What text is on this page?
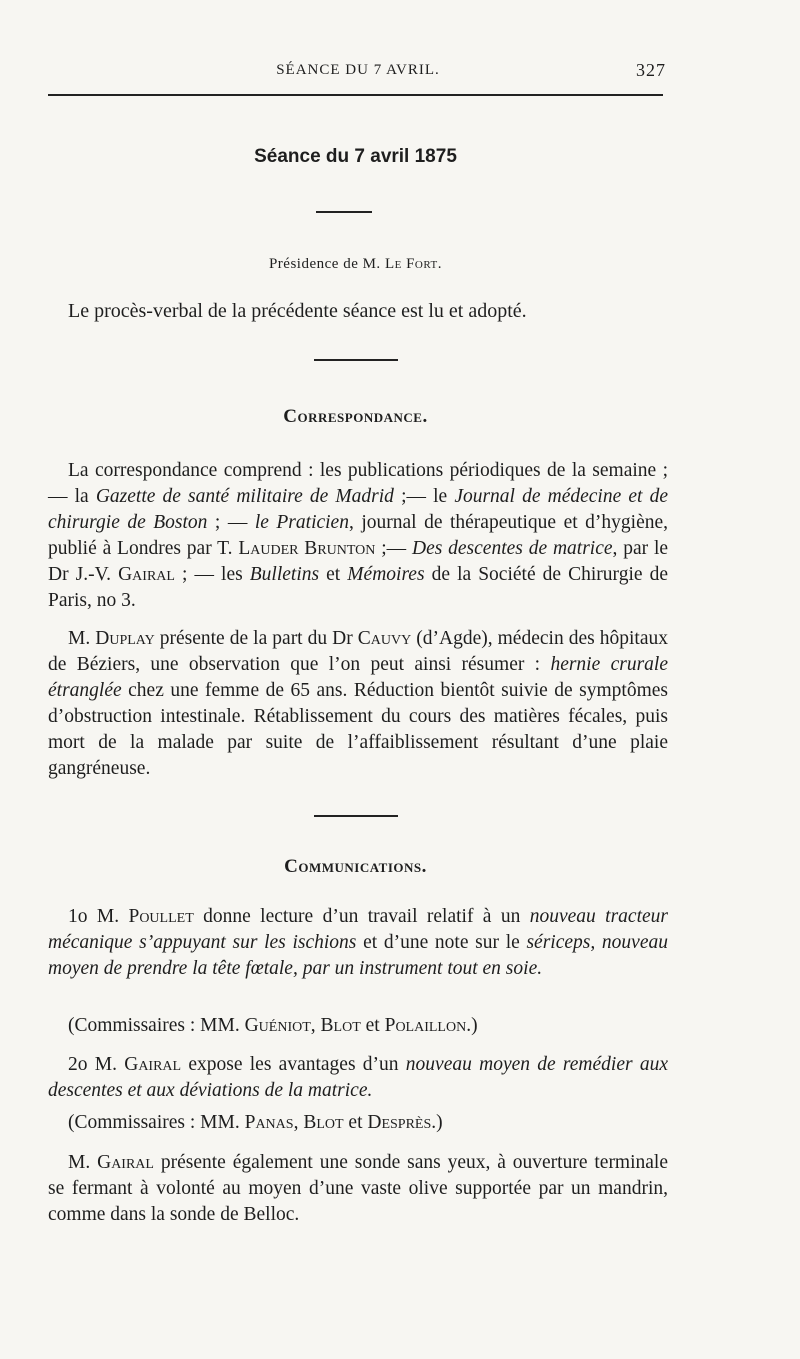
SÉANCE DU 7 AVRIL.	327
Séance du 7 avril 1875
Présidence de M. Le Fort.
Le procès-verbal de la précédente séance est lu et adopté.
Correspondance.
La correspondance comprend : les publications périodiques de la semaine ;— la Gazette de santé militaire de Madrid ;— le Journal de médecine et de chirurgie de Boston ; — le Praticien, journal de thérapeutique et d’hygiène, publié à Londres par T. Lauder Brunton ;— Des descentes de matrice, par le Dr J.-V. Gairal ; — les Bulletins et Mémoires de la Société de Chirurgie de Paris, no 3.
M. Duplay présente de la part du Dr Cauvy (d’Agde), médecin des hôpitaux de Béziers, une observation que l’on peut ainsi résumer : hernie crurale étranglée chez une femme de 65 ans. Réduction bientôt suivie de symptômes d’obstruction intestinale. Rétablissement du cours des matières fécales, puis mort de la malade par suite de l’affaiblissement résultant d’une plaie gangréneuse.
Communications.
1o M. Poullet donne lecture d’un travail relatif à un nouveau tracteur mécanique s’appuyant sur les ischions et d’une note sur le sériceps, nouveau moyen de prendre la tête fœtale, par un instrument tout en soie.
(Commissaires : MM. Guéniot, Blot et Polaillon.)
2o M. Gairal expose les avantages d’un nouveau moyen de remédier aux descentes et aux déviations de la matrice.
(Commissaires : MM. Panas, Blot et Desprès.)
M. Gairal présente également une sonde sans yeux, à ouverture terminale se fermant à volonté au moyen d’une vaste olive supportée par un mandrin, comme dans la sonde de Belloc.
